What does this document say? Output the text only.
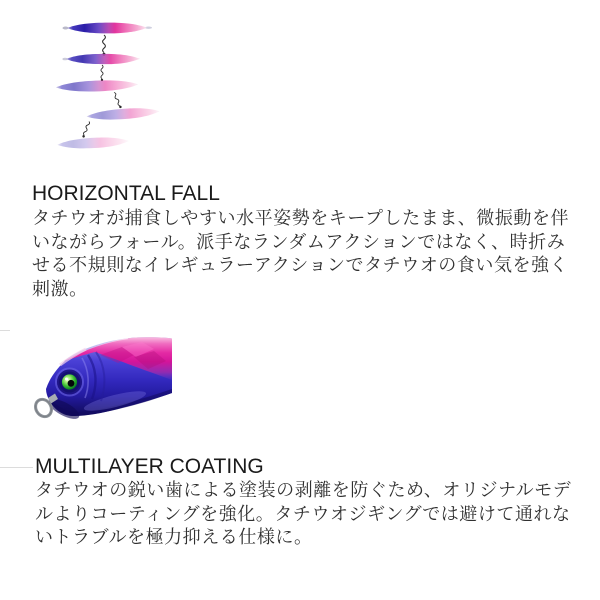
HORIZONTAL FALL
タチウオが捕食しやすい水平姿勢をキープしたまま、微振動を伴
いながらフォール。派手なランダムアクションではなく、時折み
せる不規則なイレギュラーアクションでタチウオの食い気を強く
刺激。
MULTILAYER COATING
タチウオの鋭い歯による塗装の剥離を防ぐため、オリジナルモデ
ルよりコーティングを強化。タチウオジギングでは避けて通れな
いトラブルを極力抑える仕様に。
